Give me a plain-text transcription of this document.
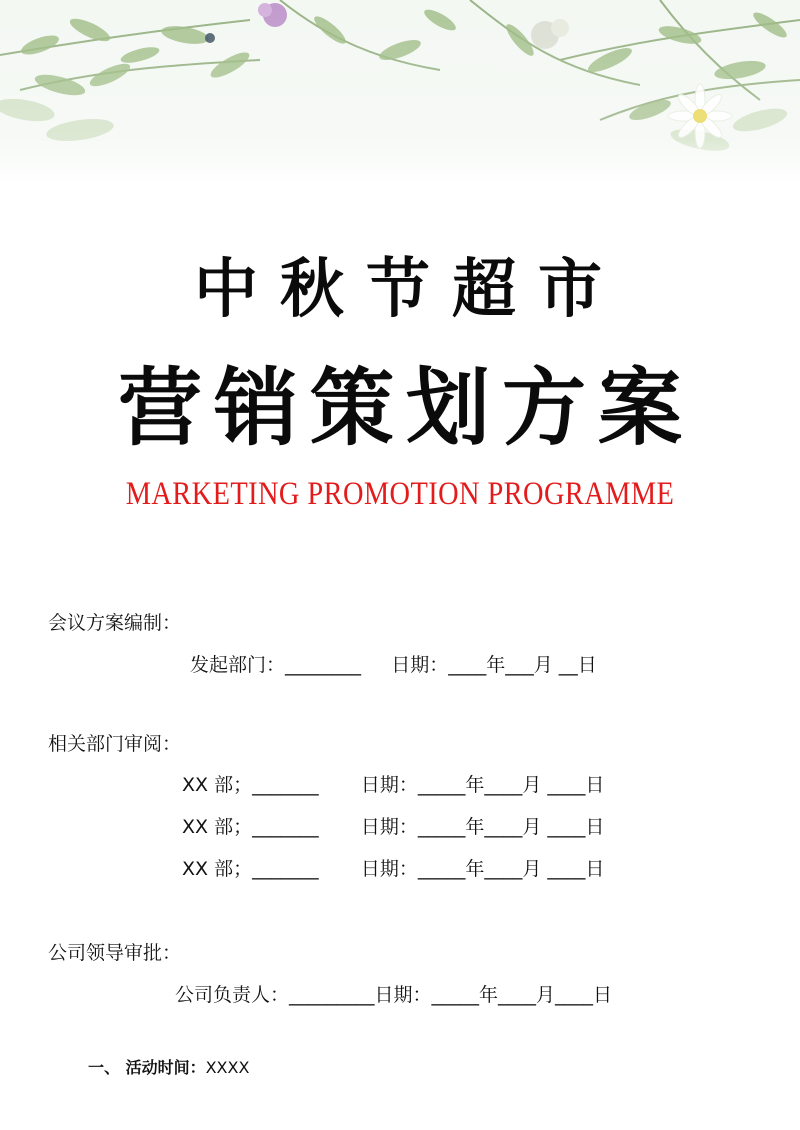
中秋节超市
营销策划方案
MARKETING PROMOTION PROGRAMME
会议方案编制：
发起部门：________     日期：____年___月 __日
相关部门审阅：
XX 部；_______       日期：_____年____月 ____日
XX 部；_______       日期：_____年____月 ____日
XX 部；_______       日期：_____年____月 ____日
公司领导审批：
公司负责人：_________日期：_____年____月____日
一、 活动时间：XXXX
